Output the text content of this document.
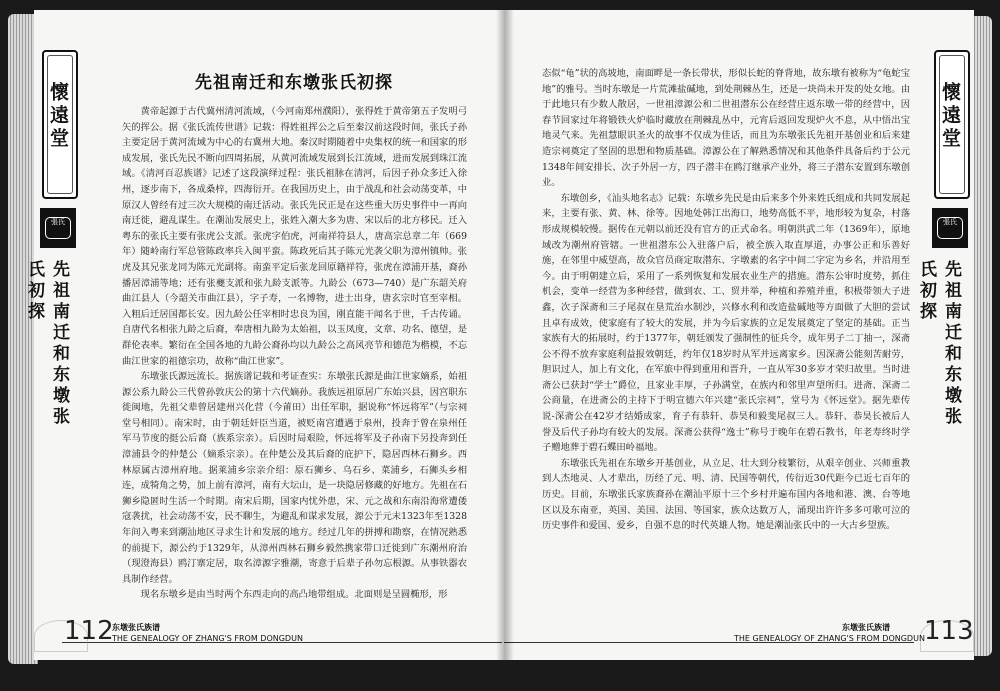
懷遠堂
張氏
先祖南迁和东墩张氏初探
先祖南迁和东墩张氏初探

黄帝起源于古代冀州清河流域，（今河南郑州濮阳），张得姓于黄帝第五子发明弓矢的挥公。据《张氏流传世谱》记载：得姓祖挥公之后至秦汉前这段时间，张氏子孙主要定居于黄河流域为中心的右冀州大地。秦汉时期随着中央集权的统一和国家的形成发展，张氏先民不断向四周拓展，从黄河流域发展到长江流域，进而发展到珠江流域。《清河百忍族谱》记述了这段演绎过程：张氏祖脉在清河，后因子孙众多迁入徐州，逐步南下，各成桑梓，四海衍开。在我国历史上，由于战乱和社会动荡变革，中原汉人曾经有过三次大规模的南迁活动。张氏先民正是在这些重大历史事件中一再向南迁徙，避乱谋生。在潮汕发展史上，张姓入潮大多为唐、宋以后的北方移民。迁入粤东的张氏主要有张虎公支派。张虎字伯虎，河南祥符县人，唐高宗总章二年（669年）随岭南行军总管陈政率兵入闽平蛮。陈政死后其子陈元光袭父职为漳州镇帅。张虎及其兄张龙同为陈元光副将。南蛮平定后张龙回原籍祥符，张虎在漳浦开基，裔孙播居漳浦等地；还有张夔支派和张九龄支派等。九龄公（673—740）是广东韶关府曲江县人（今韶关市曲江县），字子寿，一名博物，进士出身，唐玄宗时官至宰相。入粗后迁居国都长安。因九龄公任宰相时忠良为国，刚直能干闻名于世，千古传诵。自唐代名相张九龄之后裔，奉唐相九龄为太始祖，以玉凤度，文章、功名、德望，是群伦表率。繁衍在全国各地的九龄公裔孙均以九龄公之高风亮节和德范为楷模，不忘曲江世家的祖德宗功，故称“曲江世家”。

东墩张氏源远流长。据族谱记载和考证查实：东墩张氏源是曲江世家嫡系，始祖源公系九龄公三代曾孙敦庆公的第十六代嫡孙。我族远祖原居广东始兴县，因宫职东徙闽地，先祖父辈曾居建州兴化营（今莆田）出任军职，据说称“怀远将军”（与宗祠堂号相同）。南宋时，由于朝廷奸臣当道，被贬南宫遭遇于泉州，投奔于曾在泉州任军马节度的挺公后裔（族系宗亲）。后因时局艰险，怀远将军及子孙南下另投奔到任漳浦县令的仲楚公（嫡系宗亲）。在仲楚公及其后裔的庇护下，隐居西林石狮乡。西林原属古漳州府地。据莱浦乡宗亲介绍：原石狮乡、乌石乡、菜浦乡，石狮头乡相连，成犄角之势，加上前有漳河，南有大坛山，是一块隐居修藏的好地方。先祖在石狮乡隐匿时生活一个时期。南宋后期，国家内忧外患，宋、元之战和东南沿海常遭倭寇袭扰，社会动荡不安，民不聊生，为避乱和谋求发展，源公于元末1323年至1328年间入粤来到潮汕地区寻求生计和发展的地方。经过几年的拼搏和勘察，在情况熟悉的前提下，源公约于1329年，从漳州西林石狮乡毅然携家带口迁徙到广东潮州府治（现澄海县）鸥汀寨定居，取名漳源字雅潮，寄意于后辈子孙勿忘根源。从事铁器农具制作经营。

现名东墩乡是由当时两个东西走向的高凸地带组成。北面则是呈圆椭形，形

112
东墩张氏族谱
THE GENEALOGY OF ZHANG'S FROM DONGDUN
懷遠堂
張氏
先祖南迁和东墩张氏初探

态似“龟”状的高坡地，南面畔是一条长带状，形似长蛇的脊背地，故东墩有被称为“龟蛇宝地”的雅号。当时东墩是一片荒滩盐碱地，到处荆棘丛生，还是一块尚未开发的处女地。由于此地只有少数人散居，一世祖漳源公和二世祖潜东公在经营庄返东墩一带的经营中，因春节回家过年将锻铁火炉临时藏放在荆棘乱丛中，元宵后返回发现炉火不息，从中悟出宝地灵气来。先祖慧眼识圣火的故事不仅成为佳话，而且为东墩张氏先祖开基创业和后来建造宗祠奠定了坚固的思想和物质基础。漳源公在了解熟悉情况和其他条件具备后约于公元1348年间安排长、次子外居一方，四子潜丰在鸥汀继承产业外，将三子潜东安置到东墩创业。

东墩创乡，《汕头地名志》记载：东墩乡先民是由后来多个外来姓氏组成和共同发展起来，主要有张、黄、林、徐等。因地处韩江出海口，地势高低不平，地形较为复杂，村落形成规模较慢。据传在元朝以前还没有官方的正式命名。明朝洪武二年（1369年），原地域改为潮州府管辖。一世祖潜东公入驻落户后，被全族入取直厚道，办事公正和乐善好施，在邻里中威望高，故众官员商定取潜东、字墩素的名字中间二字定为乡名，并沿用至今。由于明朝建立后，采用了一系列恢复和发展农业生产的措施。潜东公审时度势，抓住机会，变单一经营为多种经营，做到农、工、贸并举，种植和养殖并重，积极带领大子进鑫，次子深斋和三子尾叔在垦荒治水制沙，兴修水利和改造盐碱地等方面做了大胆的尝试且卓有成效，使家庭有了较大的发展，并为今后家族的立足发展奠定了坚定的基础。正当家族有大的拓展时，约于1377年，朝廷颁发了强制性的征兵令，成年男子二丁抽一，深斋公不得不放弃家庭利益报效朝廷，约年仅18岁时从军并远离家乡。因深斋公能刻苦耐劳，胆识过人，加上有文化，在军旅中得到重用和晋升，一直从军30多岁才荣归故里。当时进斋公已获封“学士”爵位，且家业丰厚，子孙满堂，在族内和邻里声望所归。进斋、深斋二公商量，在进斋公的主持下于明宣德六年兴建“张氏宗祠”，堂号为《怀远堂》。据先辈传说-深斋公在42岁才结婚成家，育子有恭轩、恭昊和毅斐尾叔三人。恭轩、恭昊长被后人誉及后代子孙均有较大的发展。深斋公获得“逸士”称号于晚年在碧石教书，年老寿终时学子赠地葬于碧石蝶田岭福地。

东墩张氏先祖在东墩乡开基创业，从立足、壮大到分枝繁衍，从艰辛创业、兴师重教到人杰地灵、人才辈出，历经了元、明、清、民国等朝代，传衍近30代距今已近七百年的历史。目前，东墩张氏家族裔孙在潮汕平原十三个乡村并遍布国内各地和港、澳、台等地区以及东南亚，英国、美国、法国、等国家，族众达数万人，涌现出许许多多可歌可泣的历史事件和爱国、爱乡，自强不息的时代英雄人物。她是潮汕张氏中的一大古乡望族。

113
东墩张氏族谱
THE GENEALOGY OF ZHANG'S FROM DONGDUN
